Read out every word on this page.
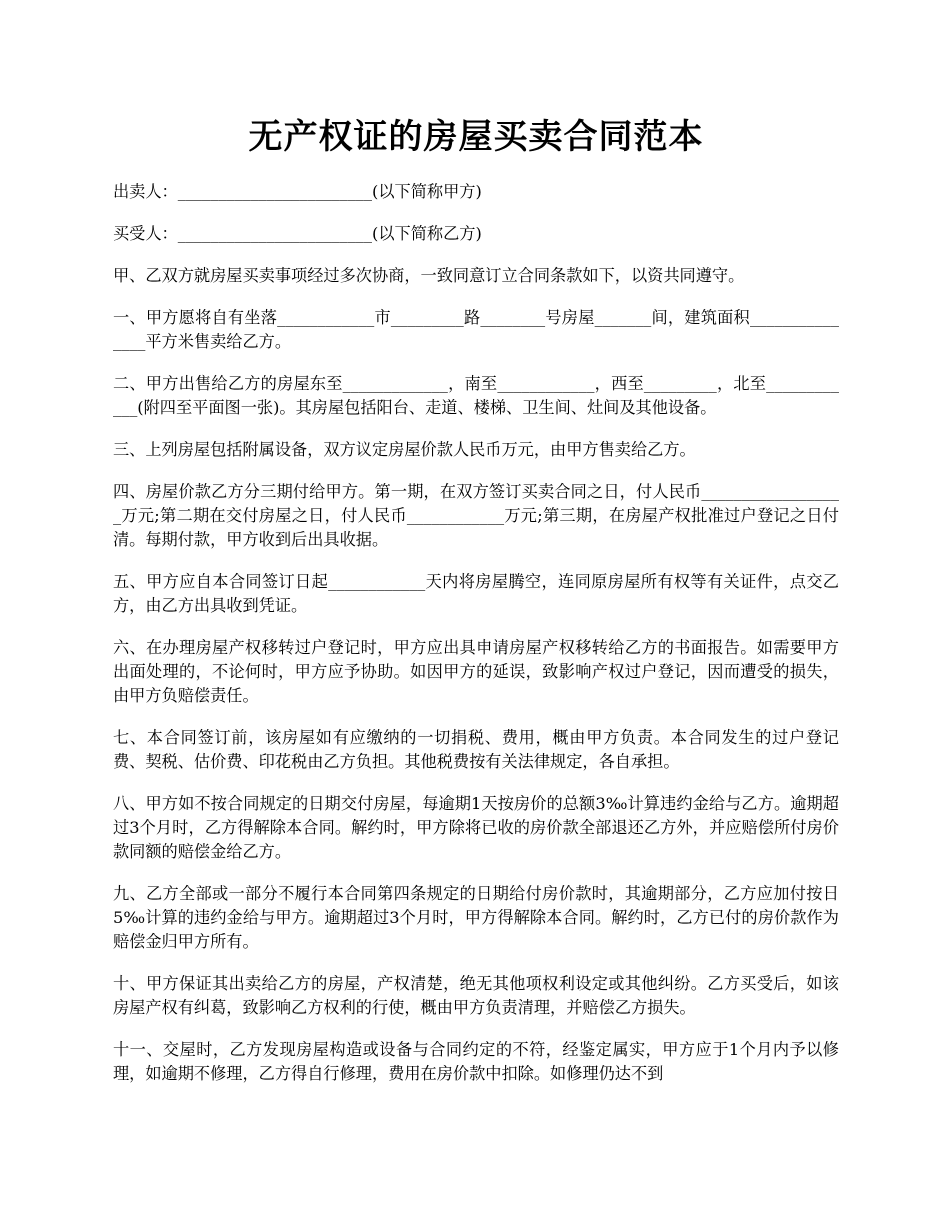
无产权证的房屋买卖合同范本

出卖人：________________________(以下简称甲方)

买受人：________________________(以下简称乙方)

甲、乙双方就房屋买卖事项经过多次协商，一致同意订立合同条款如下，以资共同遵守。

一、甲方愿将自有坐落____________市_________路________号房屋_______间，建筑面积_______________平方米售卖给乙方。

二、甲方出售给乙方的房屋东至_____________，南至____________，西至_________，北至____________(附四至平面图一张)。其房屋包括阳台、走道、楼梯、卫生间、灶间及其他设备。

三、上列房屋包括附属设备，双方议定房屋价款人民币万元，由甲方售卖给乙方。

四、房屋价款乙方分三期付给甲方。第一期，在双方签订买卖合同之日，付人民币__________________万元;第二期在交付房屋之日，付人民币____________万元;第三期，在房屋产权批准过户登记之日付清。每期付款，甲方收到后出具收据。

五、甲方应自本合同签订日起____________天内将房屋腾空，连同原房屋所有权等有关证件，点交乙方，由乙方出具收到凭证。

六、在办理房屋产权移转过户登记时，甲方应出具申请房屋产权移转给乙方的书面报告。如需要甲方出面处理的，不论何时，甲方应予协助。如因甲方的延误，致影响产权过户登记，因而遭受的损失，由甲方负赔偿责任。

七、本合同签订前，该房屋如有应缴纳的一切捐税、费用，概由甲方负责。本合同发生的过户登记费、契税、估价费、印花税由乙方负担。其他税费按有关法律规定，各自承担。

八、甲方如不按合同规定的日期交付房屋，每逾期1天按房价的总额3‰计算违约金给与乙方。逾期超过3个月时，乙方得解除本合同。解约时，甲方除将已收的房价款全部退还乙方外，并应赔偿所付房价款同额的赔偿金给乙方。

九、乙方全部或一部分不履行本合同第四条规定的日期给付房价款时，其逾期部分，乙方应加付按日5‰计算的违约金给与甲方。逾期超过3个月时，甲方得解除本合同。解约时，乙方已付的房价款作为赔偿金归甲方所有。

十、甲方保证其出卖给乙方的房屋，产权清楚，绝无其他项权利设定或其他纠纷。乙方买受后，如该房屋产权有纠葛，致影响乙方权利的行使，概由甲方负责清理，并赔偿乙方损失。

十一、交屋时，乙方发现房屋构造或设备与合同约定的不符，经鉴定属实，甲方应于1个月内予以修理，如逾期不修理，乙方得自行修理，费用在房价款中扣除。如修理仍达不到
